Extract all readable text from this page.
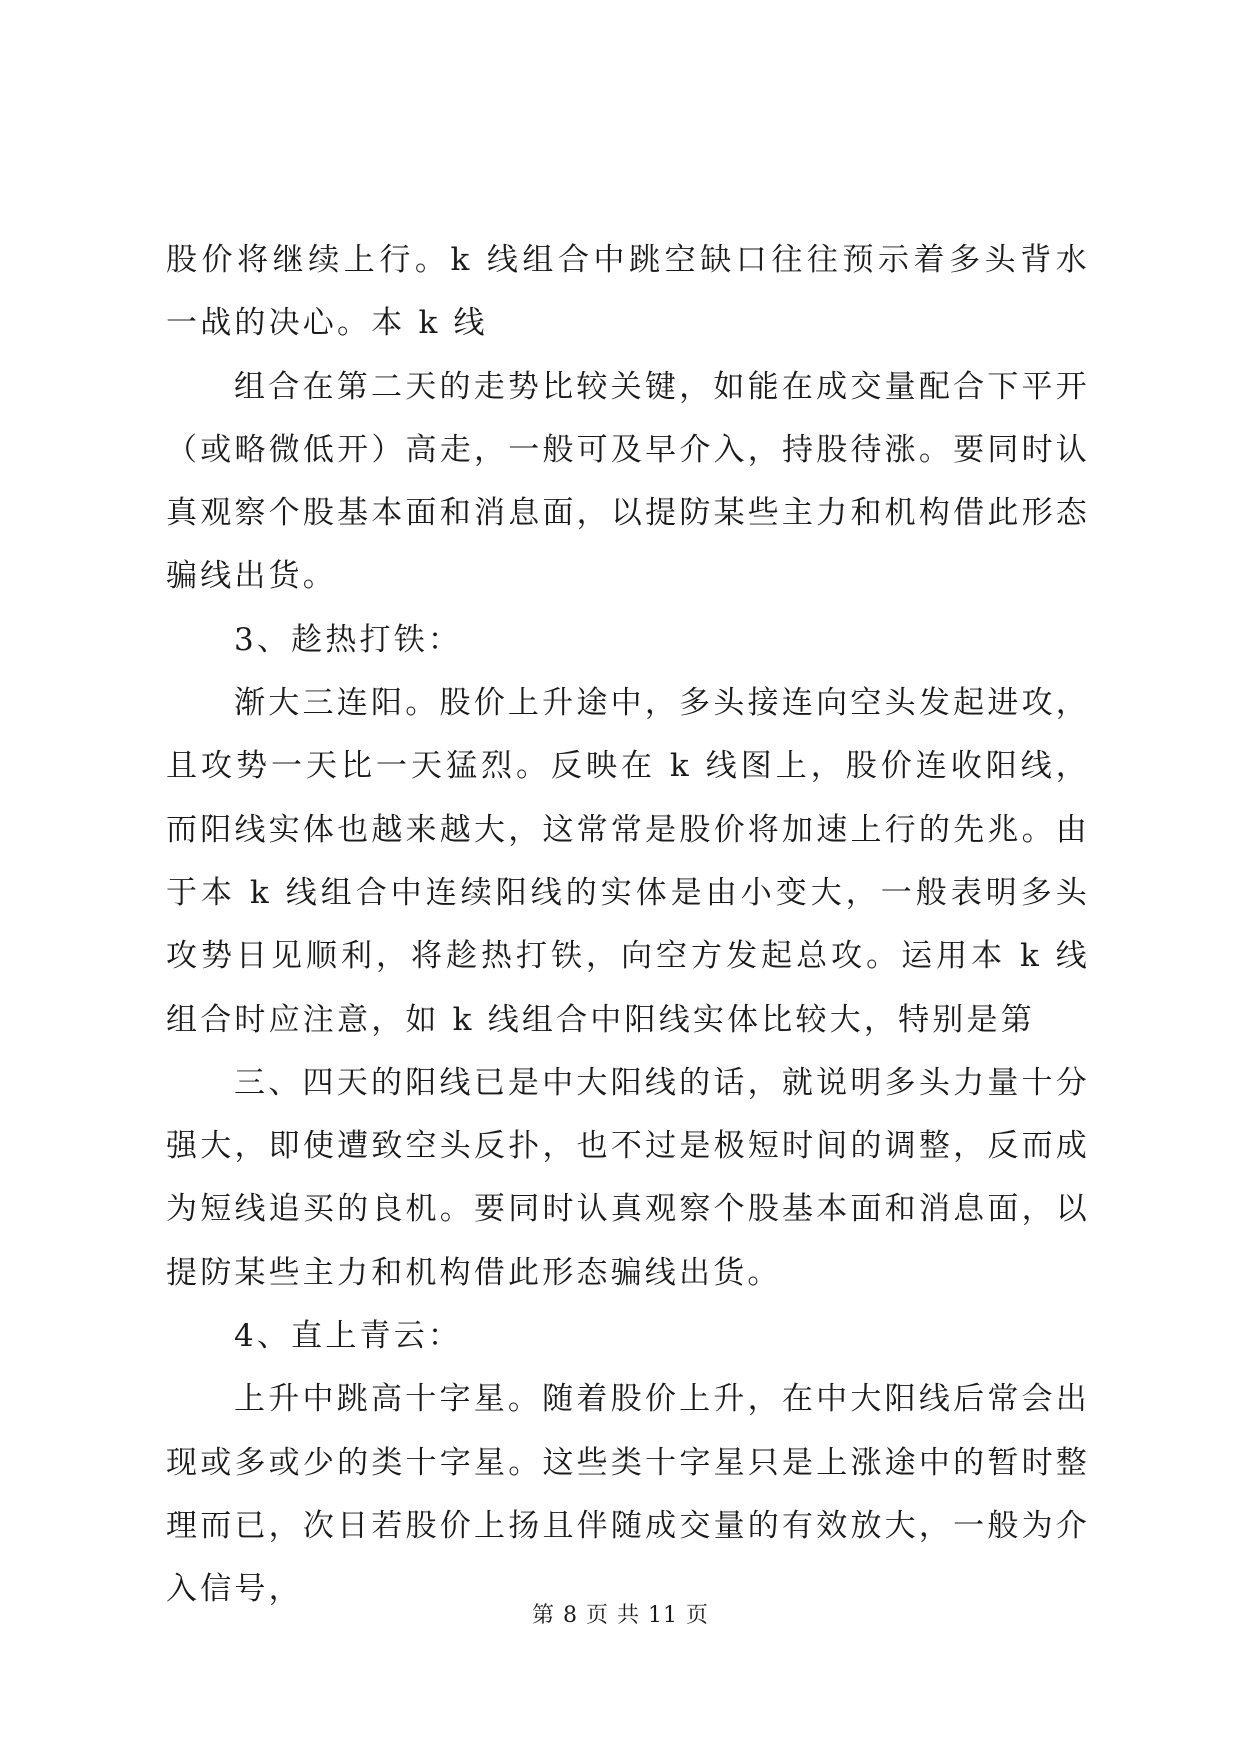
股价将继续上行。k 线组合中跳空缺口往往预示着多头背水一战的决心。本 k 线

组合在第二天的走势比较关键，如能在成交量配合下平开（或略微低开）高走，一般可及早介入，持股待涨。要同时认真观察个股基本面和消息面，以提防某些主力和机构借此形态骗线出货。

3、趁热打铁：

渐大三连阳。股价上升途中，多头接连向空头发起进攻，且攻势一天比一天猛烈。反映在 k 线图上，股价连收阳线，而阳线实体也越来越大，这常常是股价将加速上行的先兆。由于本 k 线组合中连续阳线的实体是由小变大，一般表明多头攻势日见顺利，将趁热打铁，向空方发起总攻。运用本 k 线组合时应注意，如 k 线组合中阳线实体比较大，特别是第

三、四天的阳线已是中大阳线的话，就说明多头力量十分强大，即使遭致空头反扑，也不过是极短时间的调整，反而成为短线追买的良机。要同时认真观察个股基本面和消息面，以提防某些主力和机构借此形态骗线出货。

4、直上青云：

上升中跳高十字星。随着股价上升，在中大阳线后常会出现或多或少的类十字星。这些类十字星只是上涨途中的暂时整理而已，次日若股价上扬且伴随成交量的有效放大，一般为介入信号，

第 8 页 共 11 页
